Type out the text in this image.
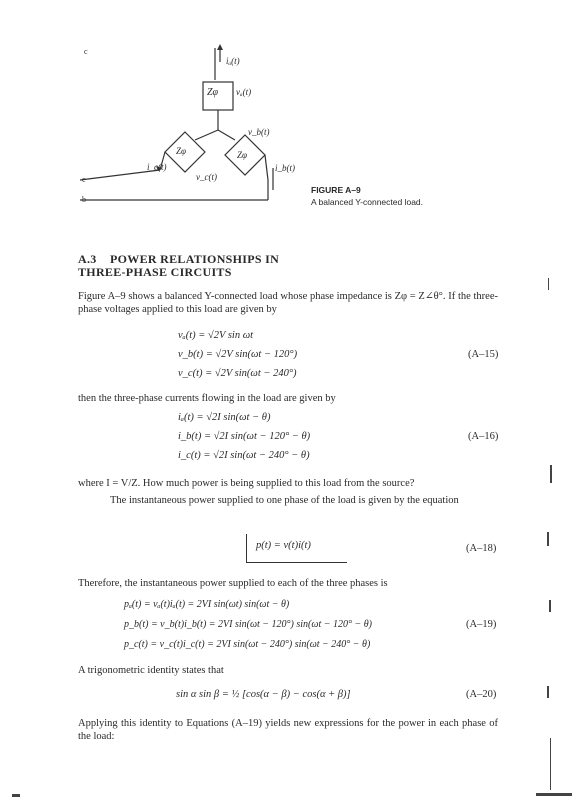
c
iₐ(t)
vₐ(t)
Zφ
v_b(t)
Zφ	Zφ
i_c(t)
v_c(t)
i_b(t)
c
b
FIGURE A–9
A balanced Y-connected load.
A.3 POWER RELATIONSHIPS IN
THREE-PHASE CIRCUITS
Figure A–9 shows a balanced Y-connected load whose phase impedance is Zφ = Z∠θ°. If the three-phase voltages applied to this load are given by
vₐ(t) = √2V sin ωt
v_b(t) = √2V sin(ωt − 120°)
v_c(t) = √2V sin(ωt − 240°)
(A–15)
then the three-phase currents flowing in the load are given by
iₐ(t) = √2I sin(ωt − θ)
i_b(t) = √2I sin(ωt − 120° − θ)
i_c(t) = √2I sin(ωt − 240° − θ)
(A–16)
where I = V/Z. How much power is being supplied to this load from the source?
The instantaneous power supplied to one phase of the load is given by the equation
p(t) = v(t)i(t)	(A–18)
Therefore, the instantaneous power supplied to each of the three phases is
pₐ(t) = vₐ(t)iₐ(t) = 2VI sin(ωt) sin(ωt − θ)
p_b(t) = v_b(t)i_b(t) = 2VI sin(ωt − 120°) sin(ωt − 120° − θ)
p_c(t) = v_c(t)i_c(t) = 2VI sin(ωt − 240°) sin(ωt − 240° − θ)
(A–19)
A trigonometric identity states that
sin α sin β = ½ [cos(α − β) − cos(α + β)]	(A–20)
Applying this identity to Equations (A–19) yields new expressions for the power in each phase of the load:
